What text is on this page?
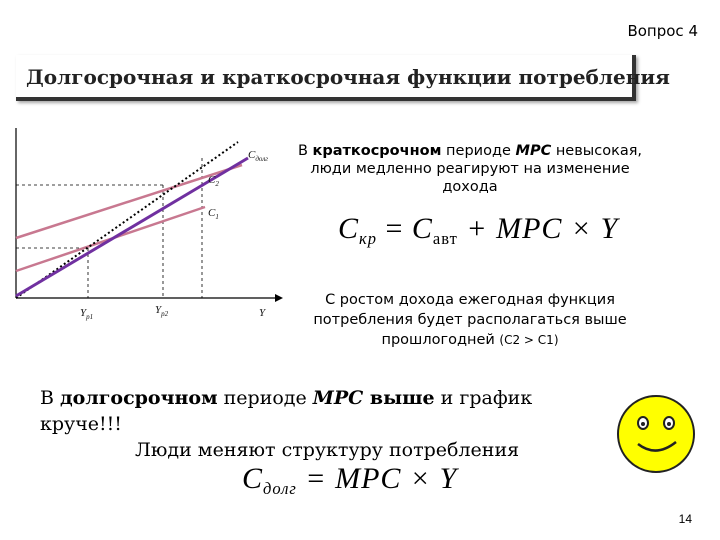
Вопрос 4
Долгосрочная и краткосрочная функции потребления
$C_{долг}$
$C_2$
$C_1$
Y
$Y_{p1}$
$Y_{p2}$
В краткосрочном периоде MPC невысокая, люди медленно реагируют на изменение дохода
$C_{кр}$ = Cавт + MPC × Y
С ростом дохода ежегодная функция потребления будет располагаться выше прошлогодней (C2 > C1)
В долгосрочном периоде MPC выше и график круче!!!
Люди меняют структуру потребления
$C_{долг}$ = MPC × Y
14
